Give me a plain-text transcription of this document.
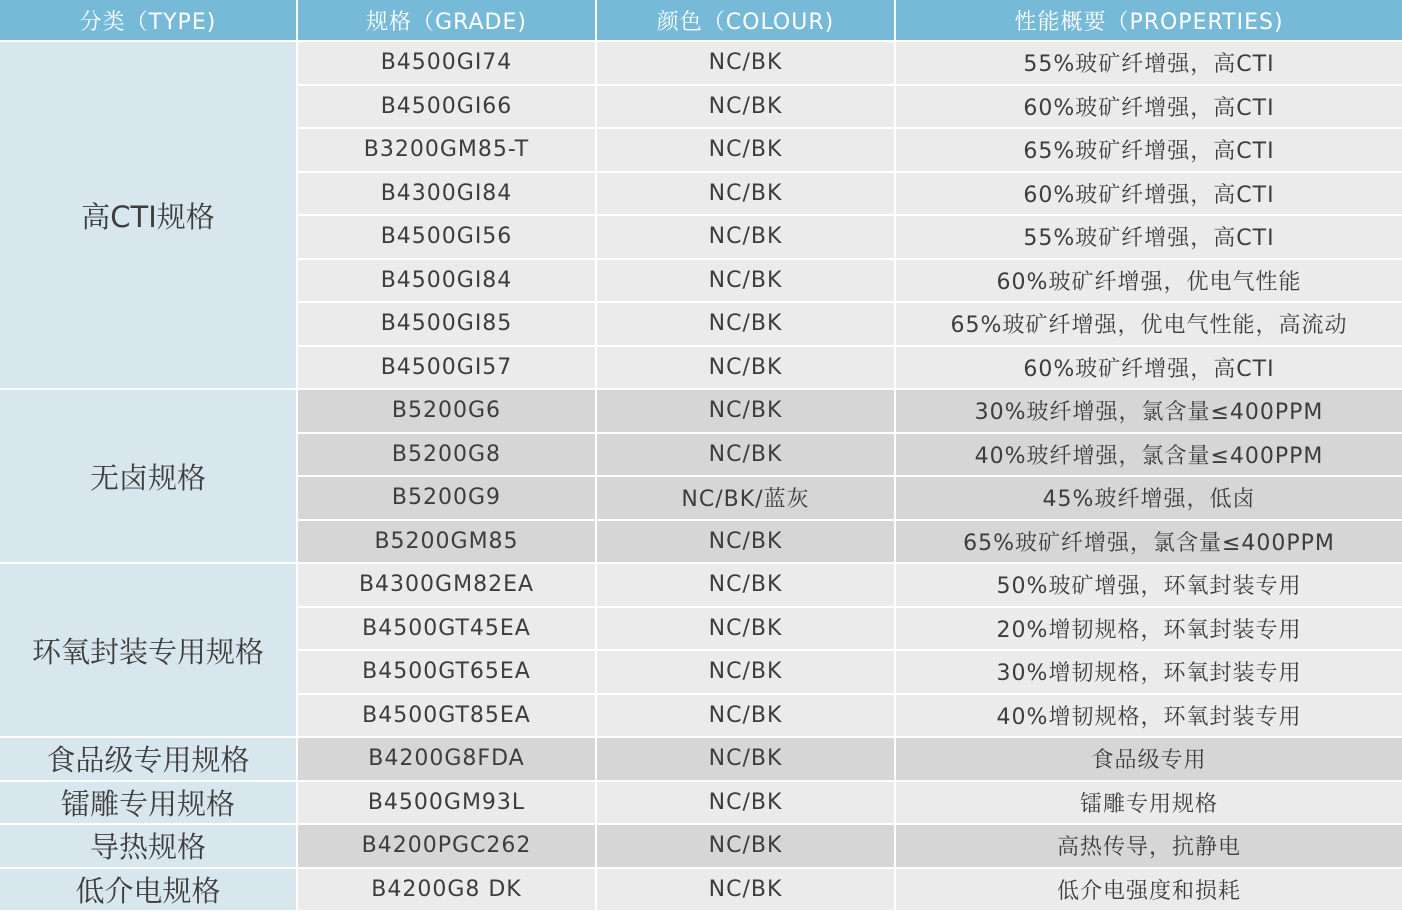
分类（TYPE)	规格（GRADE)	颜色（COLOUR)	性能概要（PROPERTIES)
高CTI规格	B4500GI74	NC/BK	55%玻矿纤增强，高CTI
	B4500GI66	NC/BK	60%玻矿纤增强，高CTI
	B3200GM85-T	NC/BK	65%玻矿纤增强，高CTI
	B4300GI84	NC/BK	60%玻矿纤增强，高CTI
	B4500GI56	NC/BK	55%玻矿纤增强，高CTI
	B4500GI84	NC/BK	60%玻矿纤增强，优电气性能
	B4500GI85	NC/BK	65%玻矿纤增强，优电气性能，高流动
	B4500GI57	NC/BK	60%玻矿纤增强，高CTI
无卤规格	B5200G6	NC/BK	30%玻纤增强，氯含量≤400PPM
	B5200G8	NC/BK	40%玻纤增强，氯含量≤400PPM
	B5200G9	NC/BK/蓝灰	45%玻纤增强，低卤
	B5200GM85	NC/BK	65%玻矿纤增强，氯含量≤400PPM
环氧封装专用规格	B4300GM82EA	NC/BK	50%玻矿增强，环氧封装专用
	B4500GT45EA	NC/BK	20%增韧规格，环氧封装专用
	B4500GT65EA	NC/BK	30%增韧规格，环氧封装专用
	B4500GT85EA	NC/BK	40%增韧规格，环氧封装专用
食品级专用规格	B4200G8FDA	NC/BK	食品级专用
镭雕专用规格	B4500GM93L	NC/BK	镭雕专用规格
导热规格	B4200PGC262	NC/BK	高热传导，抗静电
低介电规格	B4200G8 DK	NC/BK	低介电强度和损耗
